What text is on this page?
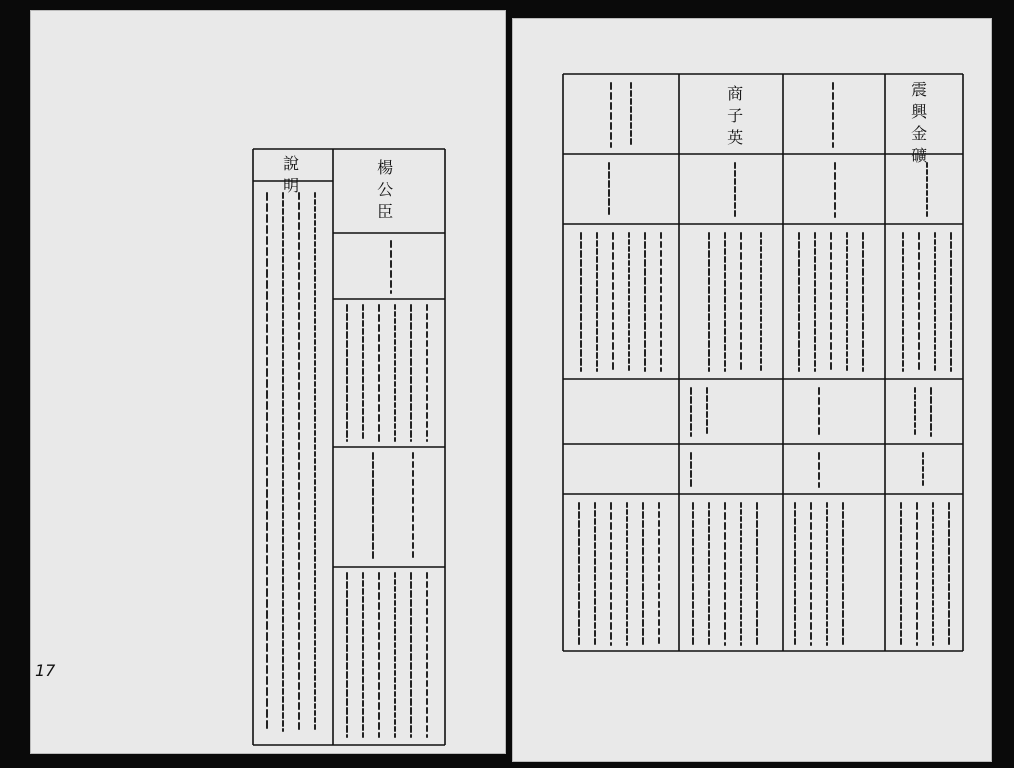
說明	楊公臣
17
震興金礦
商子英
